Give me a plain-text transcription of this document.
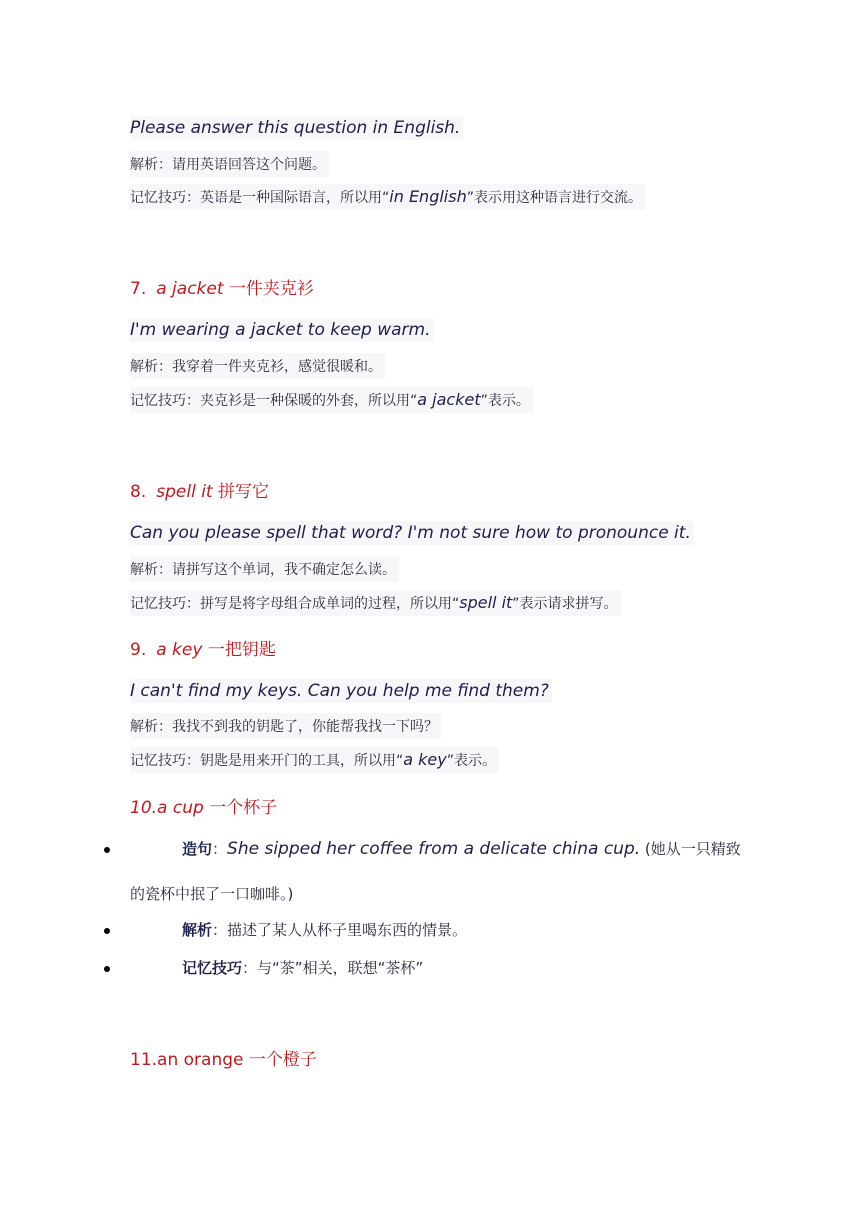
Please answer this question in English.
解析：请用英语回答这个问题。
记忆技巧：英语是一种国际语言，所以用“in English”表示用这种语言进行交流。
7. a jacket 一件夹克衫
I'm wearing a jacket to keep warm.
解析：我穿着一件夹克衫，感觉很暖和。
记忆技巧：夹克衫是一种保暖的外套，所以用“a jacket”表示。
8. spell it 拼写它
Can you please spell that word? I'm not sure how to pronounce it.
解析：请拼写这个单词，我不确定怎么读。
记忆技巧：拼写是将字母组合成单词的过程，所以用“spell it”表示请求拼写。
9. a key 一把钥匙
I can't find my keys. Can you help me find them?
解析：我找不到我的钥匙了，你能帮我找一下吗？
记忆技巧：钥匙是用来开门的工具，所以用“a key”表示。
10.a cup 一个杯子
造句：She sipped her coffee from a delicate china cup. (她从一只精致
的瓷杯中抿了一口咖啡。)
解析：描述了某人从杯子里喝东西的情景。
记忆技巧：与“茶”相关，联想“茶杯”
11.an orange 一个橙子
